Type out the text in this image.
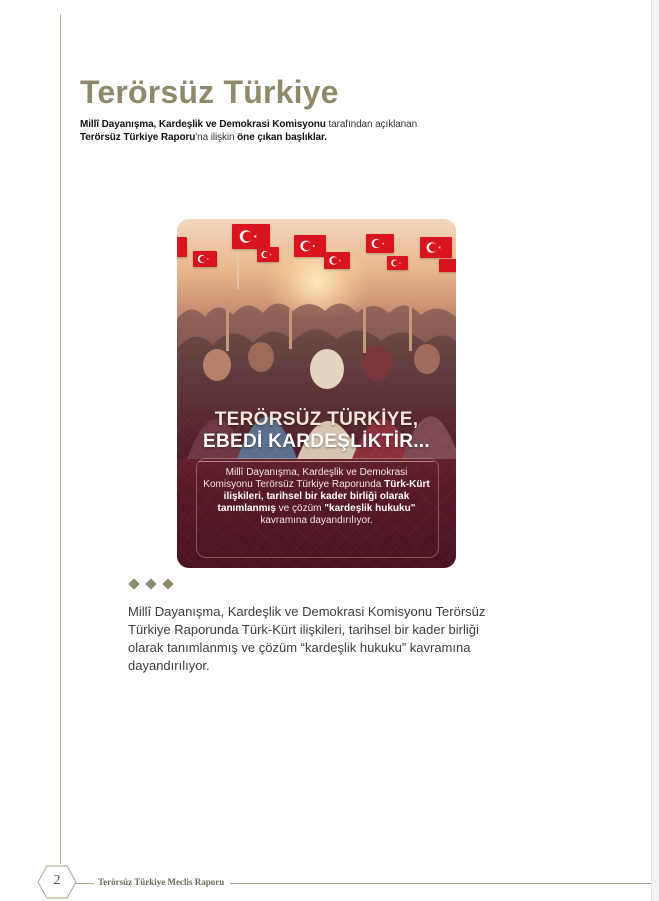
Terörsüz Türkiye
Millî Dayanışma, Kardeşlik ve Demokrasi Komisyonu tarafından açıklanan Terörsüz Türkiye Raporu'na ilişkin öne çıkan başlıklar.
TERÖRSÜZ TÜRKİYE,
EBEDİ KARDEŞLİKTİR...
Millî Dayanışma, Kardeşlik ve Demokrasi Komisyonu Terörsüz Türkiye Raporunda Türk-Kürt ilişkileri, tarihsel bir kader birliği olarak tanımlanmış ve çözüm "kardeşlik hukuku" kavramına dayandırılıyor.

Millî Dayanışma, Kardeşlik ve Demokrasi Komisyonu Terörsüz Türkiye Raporunda Türk-Kürt ilişkileri, tarihsel bir kader birliği olarak tanımlanmış ve çözüm “kardeşlik hukuku” kavramına dayandırılıyor.

2	Terörsüz Türkiye Meclis Raporu
